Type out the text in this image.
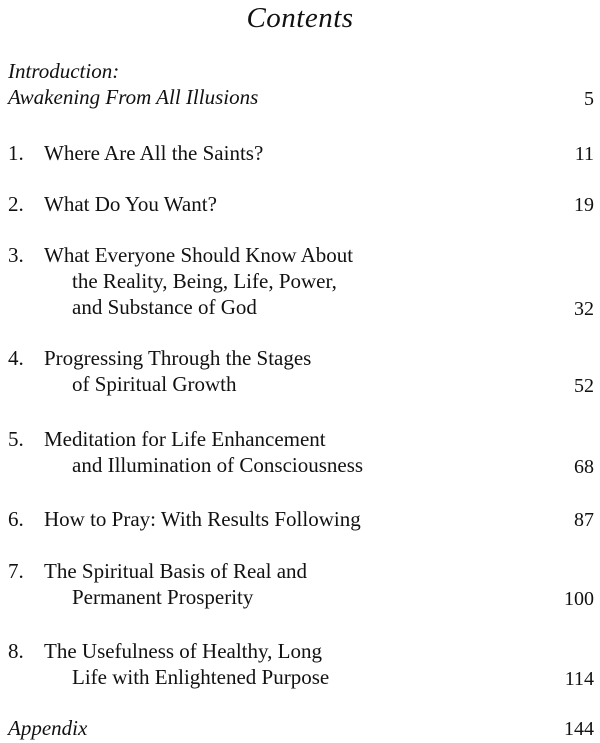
Contents
Introduction:
Awakening From All Illusions	5
1. Where Are All the Saints?	11
2. What Do You Want?	19
3. What Everyone Should Know About
the Reality, Being, Life, Power,
and Substance of God	32
4. Progressing Through the Stages
of Spiritual Growth	52
5. Meditation for Life Enhancement
and Illumination of Consciousness	68
6. How to Pray: With Results Following	87
7. The Spiritual Basis of Real and
Permanent Prosperity	100
8. The Usefulness of Healthy, Long
Life with Enlightened Purpose	114
Appendix	144
